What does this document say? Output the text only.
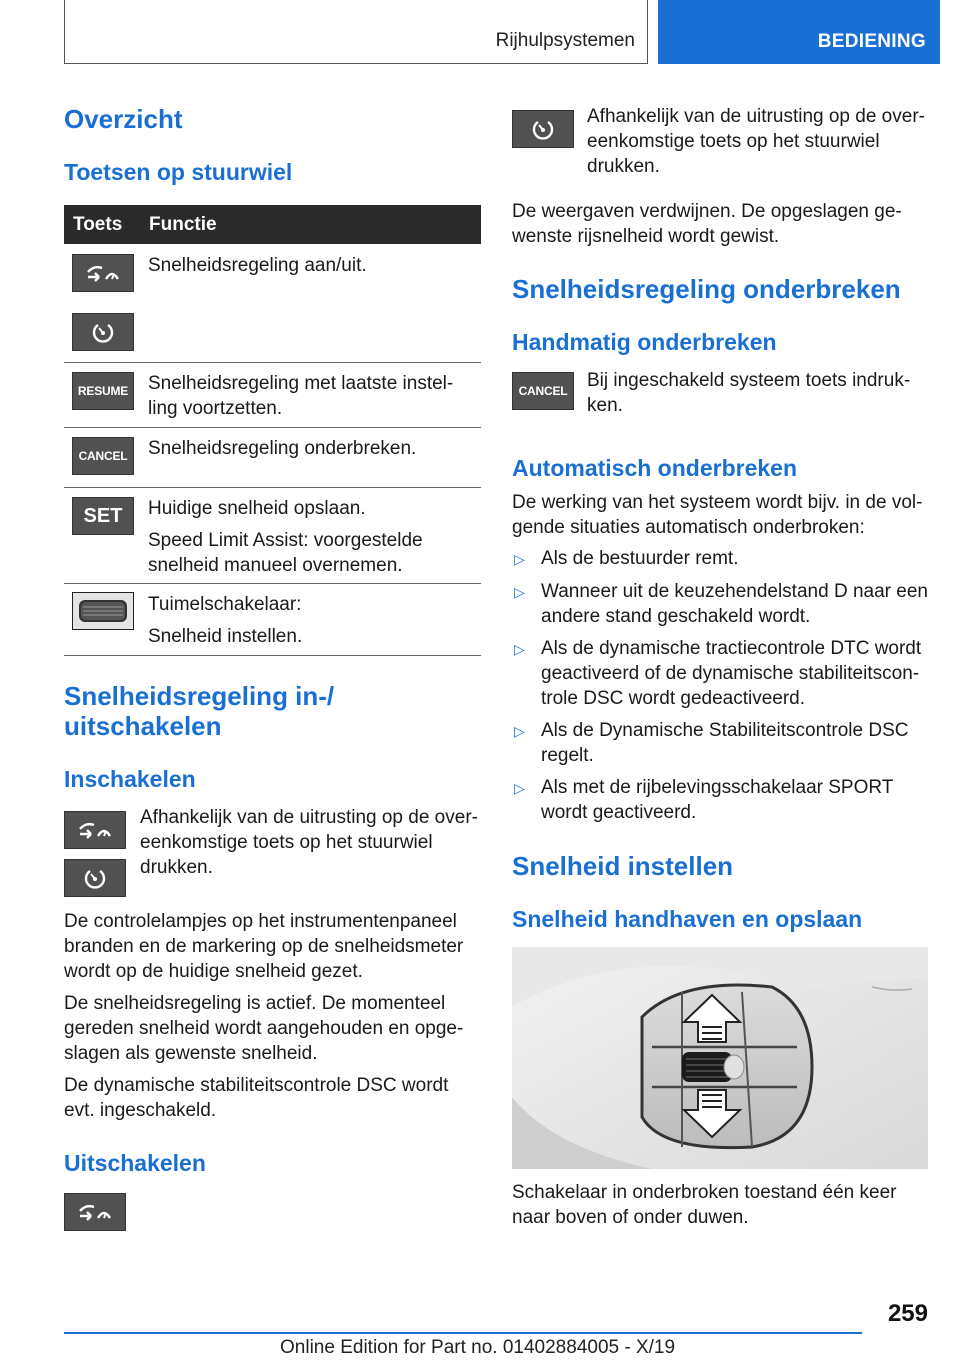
Rijhulpsystemen	BEDIENING
Overzicht
Toetsen op stuurwiel
Toets Functie

Snelheidsregeling aan/uit.

RESUME Snelheidsregeling met laatste instel-
ling voortzetten.

CANCEL Snelheidsregeling onderbreken.

SET Huidige snelheid opslaan.

Speed Limit Assist: voorgestelde
snelheid manueel overnemen.

Tuimelschakelaar:

Snelheid instellen.

Snelheidsregeling in-/
uitschakelen
Inschakelen

Afhankelijk van de uitrusting op de over-
eenkomstige toets op het stuurwiel
drukken.

De controlelampjes op het instrumentenpaneel
branden en de markering op de snelheidsmeter
wordt op de huidige snelheid gezet.

De snelheidsregeling is actief. De momenteel
gereden snelheid wordt aangehouden en opge-
slagen als gewenste snelheid.

De dynamische stabiliteitscontrole DSC wordt
evt. ingeschakeld.

Uitschakelen

Afhankelijk van de uitrusting op de over-
eenkomstige toets op het stuurwiel
drukken.

De weergaven verdwijnen. De opgeslagen ge-
wenste rijsnelheid wordt gewist.

Snelheidsregeling onderbreken
Handmatig onderbreken
CANCEL Bij ingeschakeld systeem toets indruk-
ken.

Automatisch onderbreken

De werking van het systeem wordt bijv. in de vol-
gende situaties automatisch onderbroken:

▷ Als de bestuurder remt.

▷ Wanneer uit de keuzehendelstand D naar een
andere stand geschakeld wordt.

▷ Als de dynamische tractiecontrole DTC wordt
geactiveerd of de dynamische stabiliteitscon-
trole DSC wordt gedeactiveerd.

▷ Als de Dynamische Stabiliteitscontrole DSC
regelt.

▷ Als met de rijbelevingsschakelaar SPORT
wordt geactiveerd.

Snelheid instellen
Snelheid handhaven en opslaan

Schakelaar in onderbroken toestand één keer
naar boven of onder duwen.

259
Online Edition for Part no. 01402884005 - X/19
